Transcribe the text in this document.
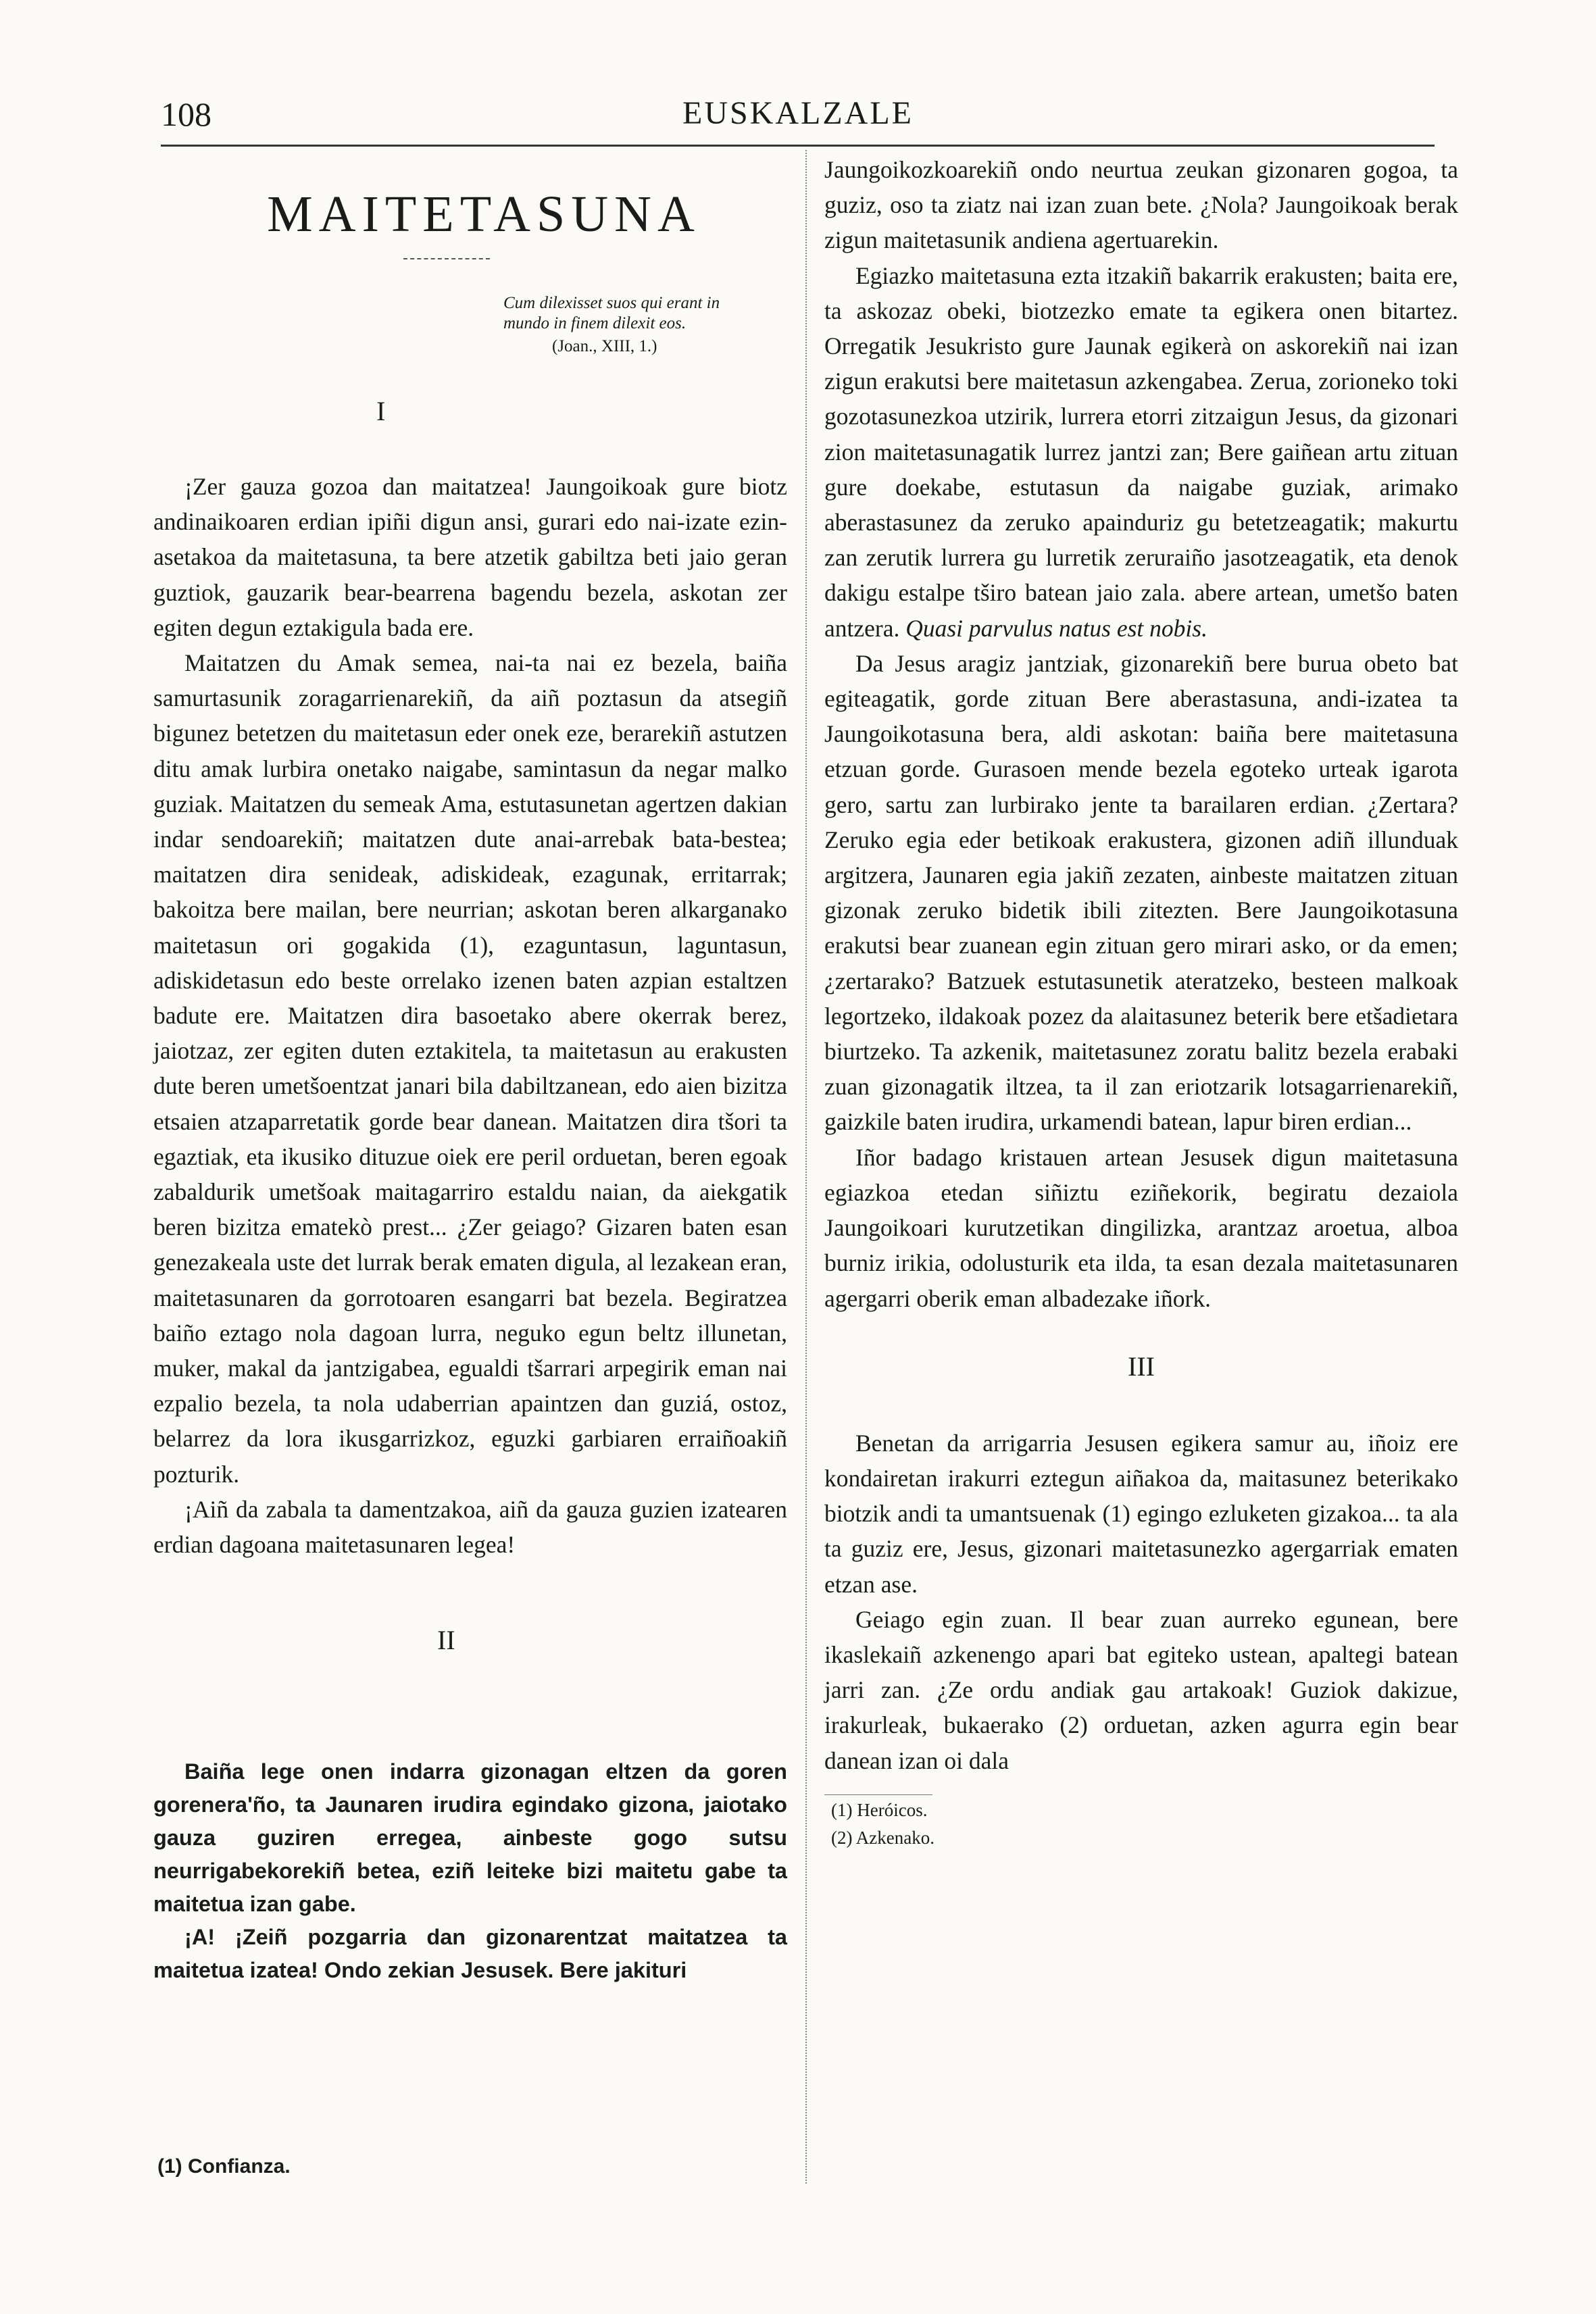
108	EUSKALZALE
MAITETASUNA
Cum dilexisset suos qui erant in
mundo in finem dilexit eos.
(Joan., XIII, 1.)
I

¡Zer gauza gozoa dan maitatzea! Jaungoikoak gure biotz andinaikoaren erdian ipiñi digun ansi, gurari edo nai-izate ezin-asetakoa da maitetasuna, ta bere atzetik gabiltza beti jaio geran guztiok, gauzarik bear-bearrena bagendu bezela, askotan zer egiten degun eztakigula bada ere.

Maitatzen du Amak semea, nai-ta nai ez bezela, baiña samurtasunik zoragarrienarekiñ, da aiñ poztasun da atsegiñ bigunez betetzen du maitetasun eder onek eze, berarekiñ astutzen ditu amak lurbira onetako naigabe, samintasun da negar malko guziak. Maitatzen du semeak Ama, estutasunetan agertzen dakian indar sendoarekiñ; maitatzen dute anai-arrebak bata-bestea; maitatzen dira senideak, adiskideak, ezagunak, erritarrak; bakoitza bere mailan, bere neurrian; askotan beren alkarganako maitetasun ori gogakida (1), ezaguntasun, laguntasun, adiskidetasun edo beste orrelako izenen baten azpian estaltzen badute ere. Maitatzen dira basoetako abere okerrak berez, jaiotzaz, zer egiten duten eztakitela, ta maitetasun au erakusten dute beren umetšoentzat janari bila dabiltzanean, edo aien bizitza etsaien atzaparretatik gorde bear danean. Maitatzen dira tšori ta egaztiak, eta ikusiko dituzue oiek ere peril orduetan, beren egoak zabaldurik umetšoak maitagarriro estaldu naian, da aiekgatik beren bizitza ematekò prest... ¿Zer geiago? Gizaren baten esan genezakeala uste det lurrak berak ematen digula, al lezakean eran, maitetasunaren da gorrotoaren esangarri bat bezela. Begiratzea baiño eztago nola dagoan lurra, neguko egun beltz illunetan, muker, makal da jantzigabea, egualdi tšarrari arpegirik eman nai ezpalio bezela, ta nola udaberrian apaintzen dan guziá, ostoz, belarrez da lora ikusgarrizkoz, eguzki garbiaren erraiñoakiñ pozturik.

¡Aiñ da zabala ta damentzakoa, aiñ da gauza guzien izatearen erdian dagoana maitetasunaren legea!

II

Baiña lege onen indarra gizonagan eltzen da goren gorenera'ño, ta Jaunaren irudira egindako gizona, jaiotako gauza guziren erregea, ainbeste gogo sutsu neurrigabekorekiñ betea, eziñ leiteke bizi maitetu gabe ta maitetua izan gabe.

¡A! ¡Zeiñ pozgarria dan gizonarentzat maitatzea ta maitetua izatea! Ondo zekian Jesusek. Bere jakituri

(1) Confianza.

Jaungoikozkoarekiñ ondo neurtua zeukan gizonaren gogoa, ta guziz, oso ta ziatz nai izan zuan bete. ¿Nola? Jaungoikoak berak zigun maitetasunik andiena agertuarekin.

Egiazko maitetasuna ezta itzakiñ bakarrik erakusten; baita ere, ta askozaz obeki, biotzezko emate ta egikera onen bitartez. Orregatik Jesukristo gure Jaunak egikerà on askorekiñ nai izan zigun erakutsi bere maitetasun azkengabea. Zerua, zorioneko toki gozotasunezkoa utzirik, lurrera etorri zitzaigun Jesus, da gizonari zion maitetasunagatik lurrez jantzi zan; Bere gaiñean artu zituan gure doekabe, estutasun da naigabe guziak, arimako aberastasunez da zeruko apainduriz gu betetzeagatik; makurtu zan zerutik lurrera gu lurretik zeruraiño jasotzeagatik, eta denok dakigu estalpe tširo batean jaio zala. abere artean, umetšo baten antzera. Quasi parvulus natus est nobis.

Da Jesus aragiz jantziak, gizonarekiñ bere burua obeto bat egiteagatik, gorde zituan Bere aberastasuna, andi-izatea ta Jaungoikotasuna bera, aldi askotan: baiña bere maitetasuna etzuan gorde. Gurasoen mende bezela egoteko urteak igarota gero, sartu zan lurbirako jente ta barailaren erdian. ¿Zertara? Zeruko egia eder betikoak erakustera, gizonen adiñ illunduak argitzera, Jaunaren egia jakiñ zezaten, ainbeste maitatzen zituan gizonak zeruko bidetik ibili zitezten. Bere Jaungoikotasuna erakutsi bear zuanean egin zituan gero mirari asko, or da emen; ¿zertarako? Batzuek estutasunetik ateratzeko, besteen malkoak legortzeko, ildakoak pozez da alaitasunez beterik bere etšadietara biurtzeko. Ta azkenik, maitetasunez zoratu balitz bezela erabaki zuan gizonagatik iltzea, ta il zan eriotzarik lotsagarrienarekiñ, gaizkile baten irudira, urkamendi batean, lapur biren erdian...

Iñor badago kristauen artean Jesusek digun maitetasuna egiazkoa etedan siñiztu eziñekorik, begiratu dezaiola Jaungoikoari kurutzetikan dingilizka, arantzaz aroetua, alboa burniz irikia, odolusturik eta ilda, ta esan dezala maitetasunaren agergarri oberik eman albadezake iñork.

III

Benetan da arrigarria Jesusen egikera samur au, iñoiz ere kondairetan irakurri eztegun aiñakoa da, maitasunez beterikako biotzik andi ta umantsuenak (1) egingo ezluketen gizakoa... ta ala ta guziz ere, Jesus, gizonari maitetasunezko agergarriak ematen etzan ase.

Geiago egin zuan. Il bear zuan aurreko egunean, bere ikaslekaiñ azkenengo apari bat egiteko ustean, apaltegi batean jarri zan. ¿Ze ordu andiak gau artakoak! Guziok dakizue, irakurleak, bukaerako (2) orduetan, azken agurra egin bear danean izan oi dala

(1) Heróicos.
(2) Azkenako.
